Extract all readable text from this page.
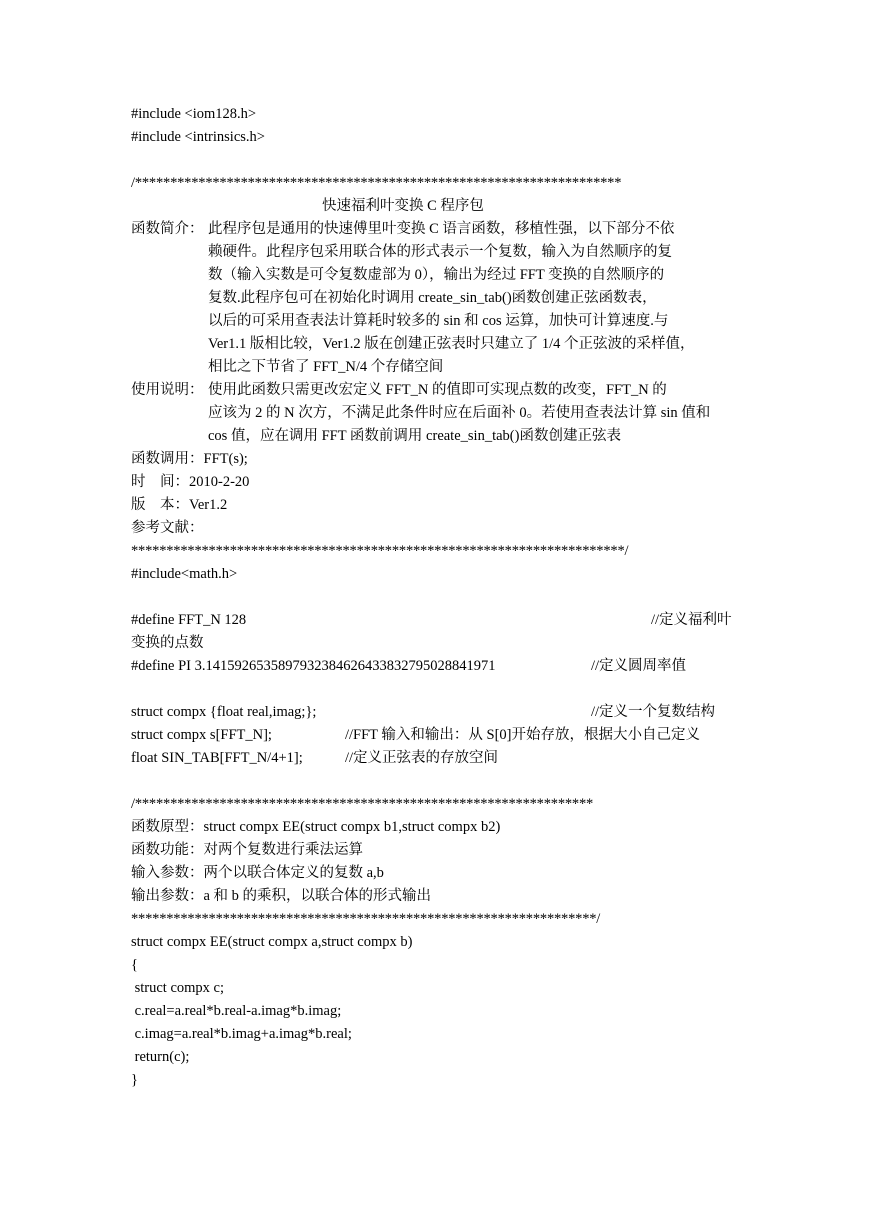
#include <iom128.h>
#include <intrinsics.h>
/*********************************************************************
快速福利叶变换 C 程序包
函数简介： 此程序包是通用的快速傅里叶变换 C 语言函数，移植性强，以下部分不依
赖硬件。此程序包采用联合体的形式表示一个复数，输入为自然顺序的复
数（输入实数是可令复数虚部为 0），输出为经过 FFT 变换的自然顺序的
复数.此程序包可在初始化时调用 create_sin_tab()函数创建正弦函数表，
以后的可采用查表法计算耗时较多的 sin 和 cos 运算，加快可计算速度.与
Ver1.1 版相比较，Ver1.2 版在创建正弦表时只建立了 1/4 个正弦波的采样值，
相比之下节省了 FFT_N/4 个存储空间
使用说明： 使用此函数只需更改宏定义 FFT_N 的值即可实现点数的改变，FFT_N 的
应该为 2 的 N 次方，不满足此条件时应在后面补 0。若使用查表法计算 sin 值和
cos 值，应在调用 FFT 函数前调用 create_sin_tab()函数创建正弦表
函数调用：FFT(s);
时    间：2010-2-20
版    本：Ver1.2
参考文献：
**********************************************************************/
#include<math.h>

#define FFT_N 128

	//定义福利叶

变换的点数

#define PI 3.1415926535897932384626433832795028841971

	//定义圆周率值

struct compx {float real,imag;};

	//定义一个复数结构

struct compx s[FFT_N];

	//FFT 输入和输出：从 S[0]开始存放，根据大小自己定义

float SIN_TAB[FFT_N/4+1];

	//定义正弦表的存放空间

/*****************************************************************
函数原型：struct compx EE(struct compx b1,struct compx b2)
函数功能：对两个复数进行乘法运算
输入参数：两个以联合体定义的复数 a,b
输出参数：a 和 b 的乘积，以联合体的形式输出
******************************************************************/
struct compx EE(struct compx a,struct compx b)
{
struct compx c;
c.real=a.real*b.real-a.imag*b.imag;
c.imag=a.real*b.imag+a.imag*b.real;
return(c);
}
